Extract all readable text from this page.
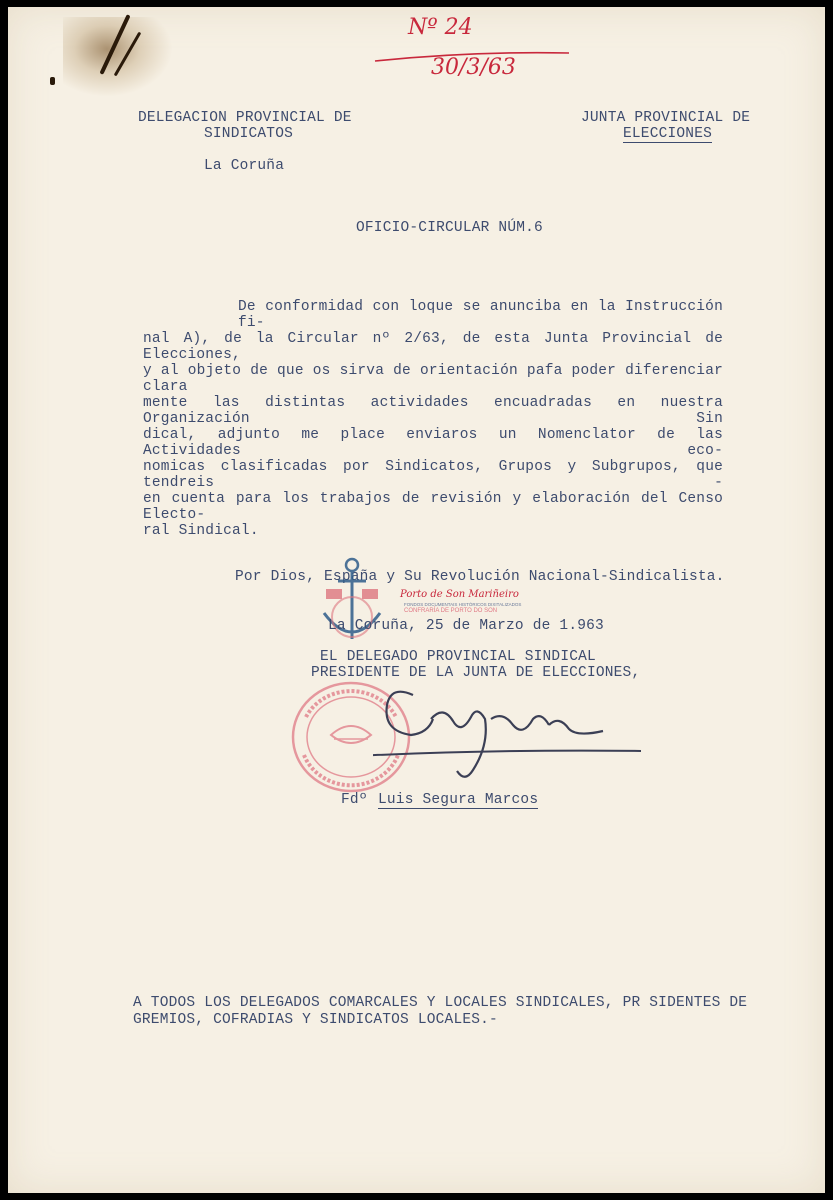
Nº 24
30/3/63

DELEGACION PROVINCIAL DE

SINDICATOS

La Coruña

JUNTA PROVINCIAL DE

ELECCIONES

OFICIO-CIRCULAR NÚM.6

De conformidad con loque se anunciba en la Instrucción fi-

nal A), de la Circular nº 2/63, de esta Junta Provincial de Elecciones,

y al objeto de que os sirva de orientación pafa poder diferenciar clara

mente las distintas actividades encuadradas en nuestra Organización Sin

dical, adjunto me place enviaros un Nomenclator de las Actividades eco-

nomicas clasificadas por Sindicatos, Grupos y Subgrupos, que tendreis -

en cuenta para los trabajos de revisión y elaboración del Censo Electo-

ral Sindical.

Por Dios, España y Su Revolución Nacional-Sindicalista.

Porto de Son Mariñeiro
FONDOS DOCUMENTAIS HISTÓRICOS DIXITALIZADOS
CONFRARÍA DE PORTO DO SON

La Coruña, 25 de Marzo de 1.963

EL DELEGADO PROVINCIAL SINDICAL

PRESIDENTE DE LA JUNTA DE ELECCIONES,

Fdº Luis Segura Marcos

A TODOS LOS DELEGADOS COMARCALES Y LOCALES SINDICALES, PR SIDENTES DE

GREMIOS, COFRADIAS Y SINDICATOS LOCALES.-
